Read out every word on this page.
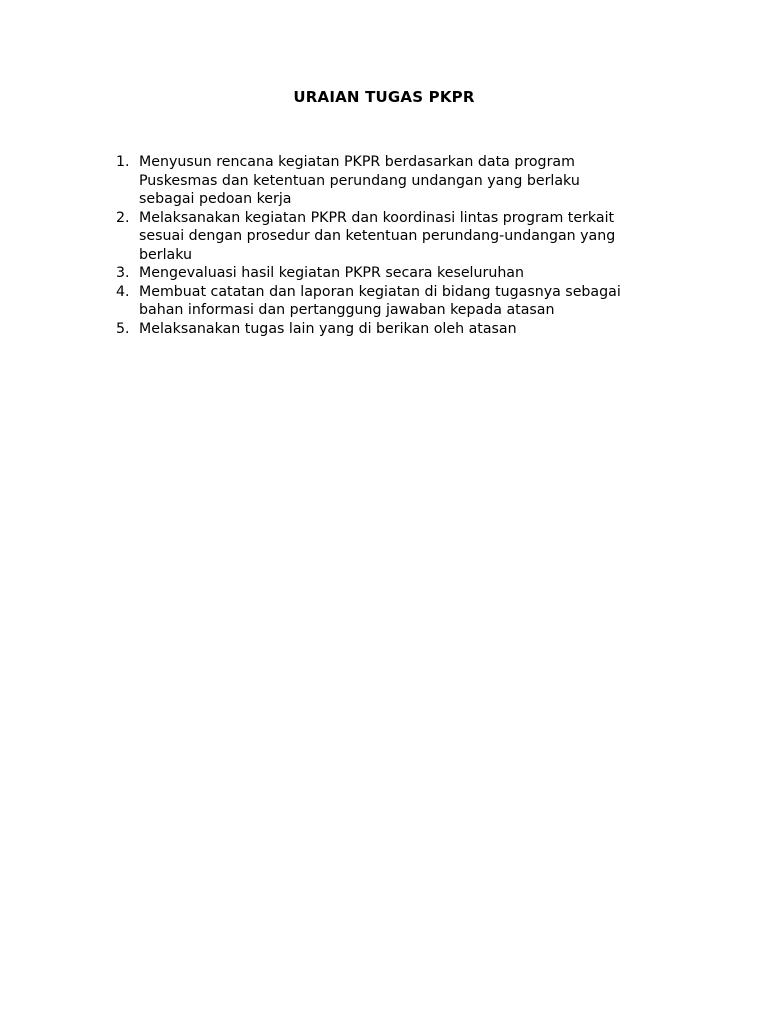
URAIAN TUGAS PKPR
1. Menyusun rencana kegiatan PKPR berdasarkan data program
Puskesmas dan ketentuan perundang undangan yang berlaku
sebagai pedoan kerja
2. Melaksanakan kegiatan PKPR dan koordinasi lintas program terkait
sesuai dengan prosedur dan ketentuan perundang-undangan yang
berlaku
3. Mengevaluasi hasil kegiatan PKPR secara keseluruhan
4. Membuat catatan dan laporan kegiatan di bidang tugasnya sebagai
bahan informasi dan pertanggung jawaban kepada atasan
5. Melaksanakan tugas lain yang di berikan oleh atasan
